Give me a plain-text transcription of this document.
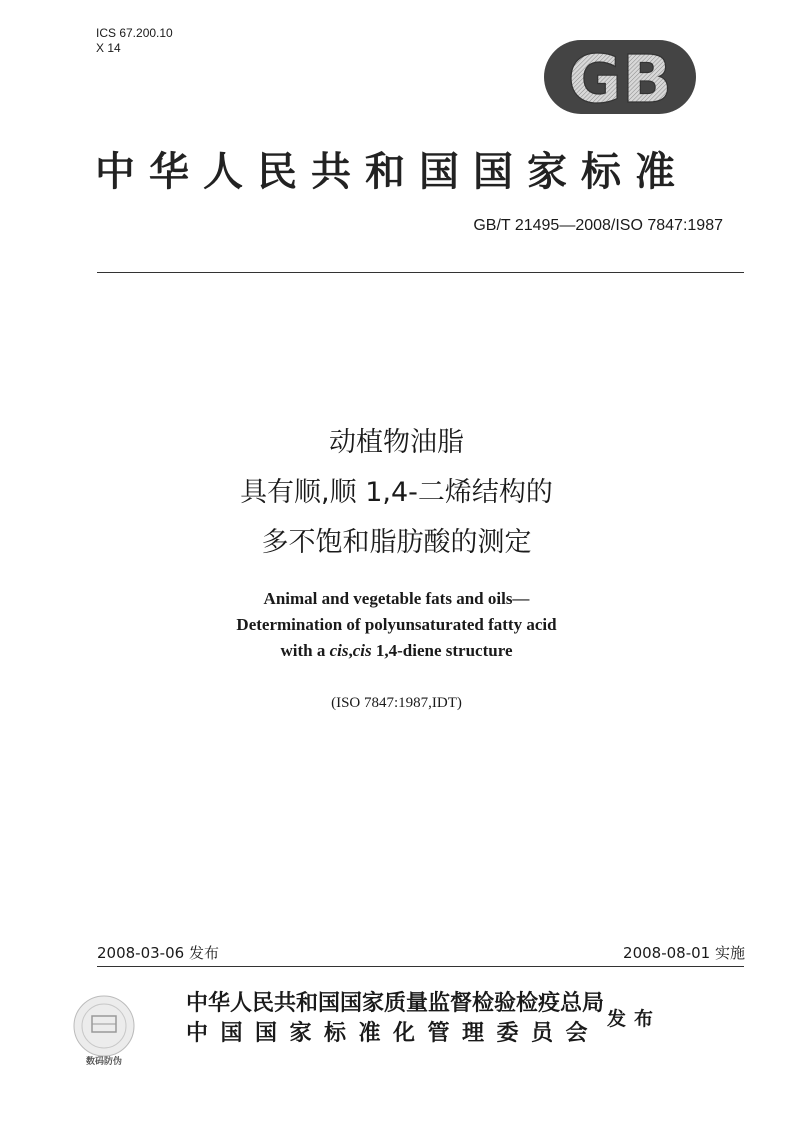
ICS 67.200.10
X 14	GB
中华人民共和国国家标准
GB/T 21495—2008/ISO 7847:1987
动植物油脂
具有顺,顺 1,4-二烯结构的
多不饱和脂肪酸的测定
Animal and vegetable fats and oils—
Determination of polyunsaturated fatty acid
with a cis,cis 1,4-diene structure
(ISO 7847:1987,IDT)
2008-03-06 发布	2008-08-01 实施
数码防伪
中华人民共和国国家质量监督检验检疫总局
中国国家标准化管理委员会
发布
